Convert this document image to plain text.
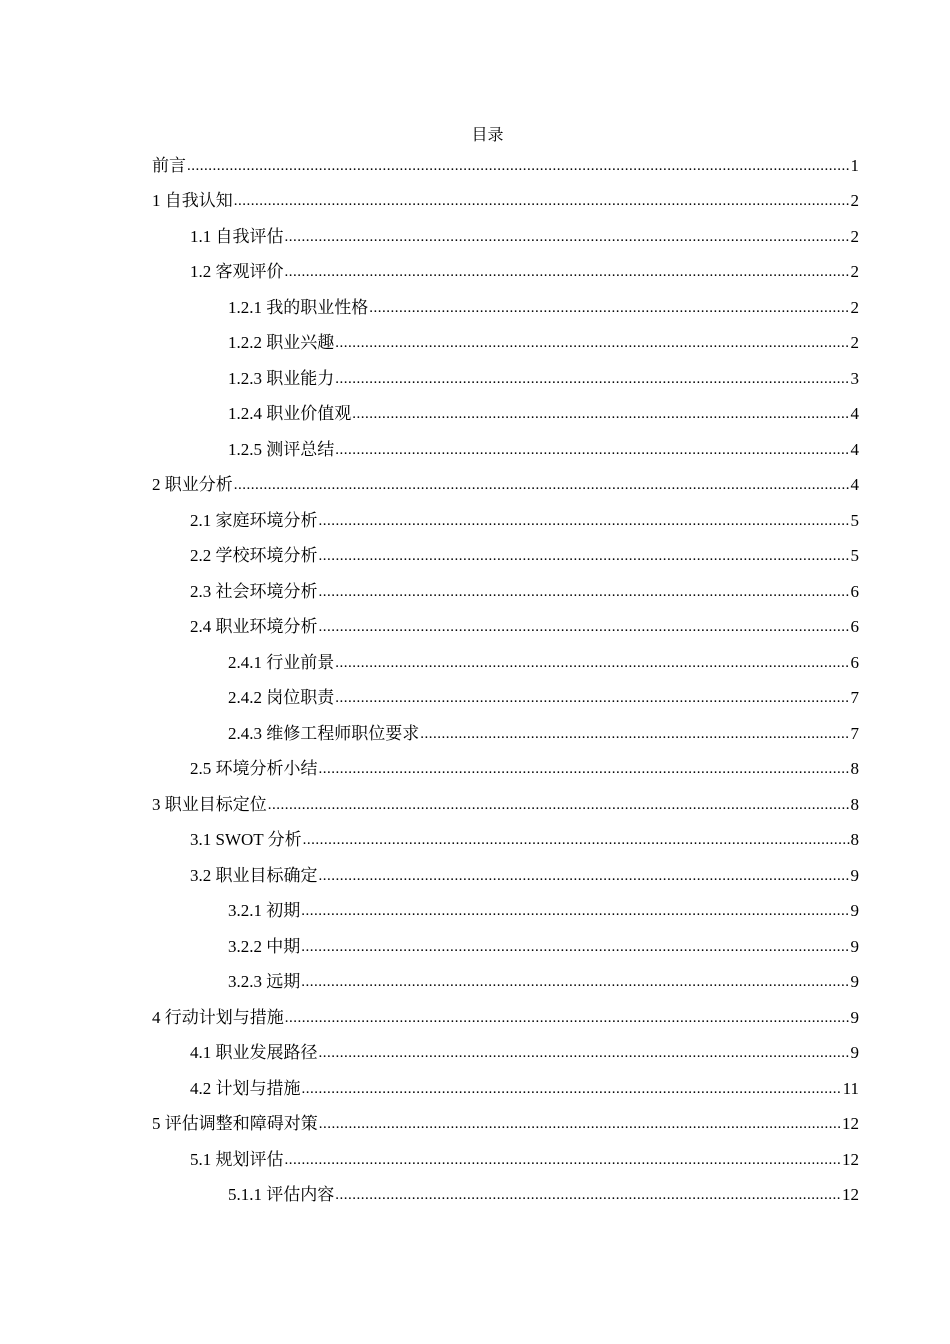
目录
前言 .....	1
1 自我认知 .....	2
1.1 自我评估 .....	2
1.2 客观评价 .....	2
1.2.1 我的职业性格 .....	2
1.2.2 职业兴趣 .....	2
1.2.3 职业能力 .....	3
1.2.4 职业价值观 .....	4
1.2.5 测评总结 .....	4
2 职业分析 .....	4
2.1 家庭环境分析 .....	5
2.2 学校环境分析 .....	5
2.3 社会环境分析 .....	6
2.4 职业环境分析 .....	6
2.4.1 行业前景 .....	6
2.4.2 岗位职责 .....	7
2.4.3 维修工程师职位要求 .....	7
2.5 环境分析小结 .....	8
3 职业目标定位 .....	8
3.1 SWOT 分析 .....	8
3.2 职业目标确定 .....	9
3.2.1 初期 .....	9
3.2.2 中期 .....	9
3.2.3 远期 .....	9
4 行动计划与措施 .....	9
4.1 职业发展路径 .....	9
4.2 计划与措施 .....	11
5 评估调整和障碍对策 .....	12
5.1 规划评估 .....	12
5.1.1 评估内容 .....	12
